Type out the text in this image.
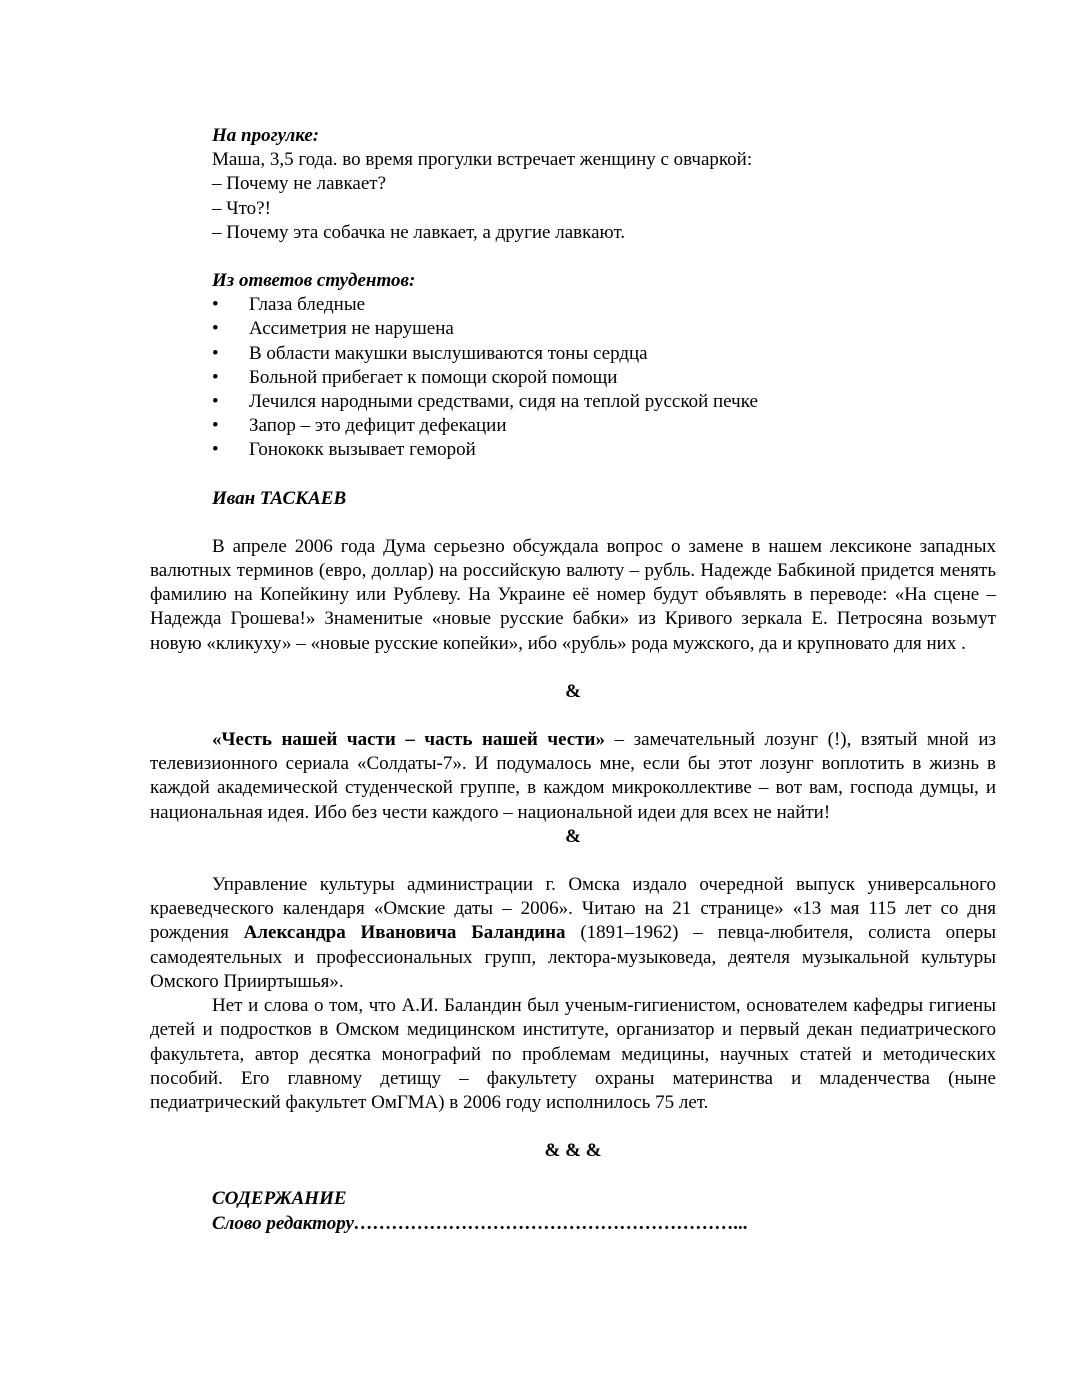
На прогулке:
Маша, 3,5 года. во время прогулки встречает женщину с овчаркой:
– Почему не лавкает?
– Что?!
– Почему эта собачка не лавкает, а другие лавкают.
Из ответов студентов:
• Глаза бледные
• Ассиметрия не нарушена
• В области макушки выслушиваются тоны сердца
• Больной прибегает к помощи скорой помощи
• Лечился народными средствами, сидя на теплой русской печке
• Запор – это дефицит дефекации
• Гонококк вызывает геморой
Иван ТАСКАЕВ

В апреле 2006 года Дума серьезно обсуждала вопрос о замене в нашем лексиконе западных валютных терминов (евро, доллар) на российскую валюту – рубль. Надежде Бабкиной придется менять фамилию на Копейкину или Рублеву. На Украине её номер будут объявлять в переводе: «На сцене – Надежда Грошева!» Знаменитые «новые русские бабки» из Кривого зеркала Е. Петросяна возьмут новую «кликуху» – «новые русские копейки», ибо «рубль» рода мужского, да и крупновато для них .

&

«Честь нашей части – часть нашей чести» – замечательный лозунг (!), взятый мной из телевизионного сериала «Солдаты-7». И подумалось мне, если бы этот лозунг воплотить в жизнь в каждой академической студенческой группе, в каждом микроколлективе – вот вам, господа думцы, и национальная идея. Ибо без чести каждого – национальной идеи для всех не найти!

&

Управление культуры администрации г. Омска издало очередной выпуск универсального краеведческого календаря «Омские даты – 2006». Читаю на 21 странице» «13 мая 115 лет со дня рождения Александра Ивановича Баландина (1891–1962) – певца-любителя, солиста оперы самодеятельных и профессиональных групп, лектора-музыковеда, деятеля музыкальной культуры Омского Прииртышья».

Нет и слова о том, что А.И. Баландин был ученым-гигиенистом, основателем кафедры гигиены детей и подростков в Омском медицинском институте, организатор и первый декан педиатрического факультета, автор десятка монографий по проблемам медицины, научных статей и методических пособий. Его главному детищу – факультету охраны материнства и младенчества (ныне педиатрический факультет ОмГМА) в 2006 году исполнилось 75 лет.

& & &
СОДЕРЖАНИЕ
Слово редактору……………………………………………………...
